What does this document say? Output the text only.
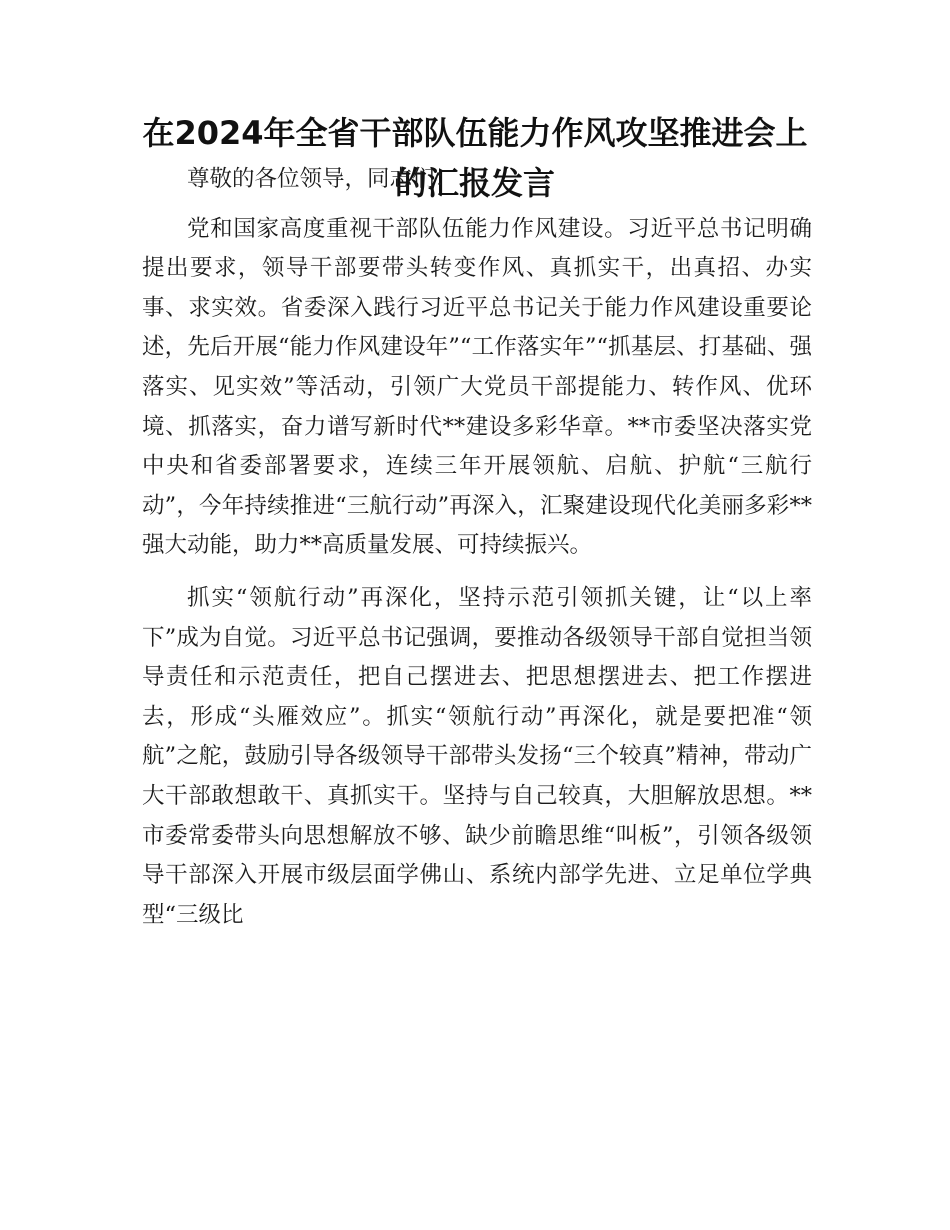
在2024年全省干部队伍能力作风攻坚推进会上的汇报发言

尊敬的各位领导，同志们：

党和国家高度重视干部队伍能力作风建设。习近平总书记明确提出要求，领导干部要带头转变作风、真抓实干，出真招、办实事、求实效。省委深入践行习近平总书记关于能力作风建设重要论述，先后开展“能力作风建设年”“工作落实年”“抓基层、打基础、强落实、见实效”等活动，引领广大党员干部提能力、转作风、优环境、抓落实，奋力谱写新时代**建设多彩华章。**市委坚决落实党中央和省委部署要求，连续三年开展领航、启航、护航“三航行动”，今年持续推进“三航行动”再深入，汇聚建设现代化美丽多彩**强大动能，助力**高质量发展、可持续振兴。

抓实“领航行动”再深化，坚持示范引领抓关键，让“以上率下”成为自觉。习近平总书记强调，要推动各级领导干部自觉担当领导责任和示范责任，把自己摆进去、把思想摆进去、把工作摆进去，形成“头雁效应”。抓实“领航行动”再深化，就是要把准“领航”之舵，鼓励引导各级领导干部带头发扬“三个较真”精神，带动广大干部敢想敢干、真抓实干。坚持与自己较真，大胆解放思想。**市委常委带头向思想解放不够、缺少前瞻思维“叫板”，引领各级领导干部深入开展市级层面学佛山、系统内部学先进、立足单位学典型“三级比
